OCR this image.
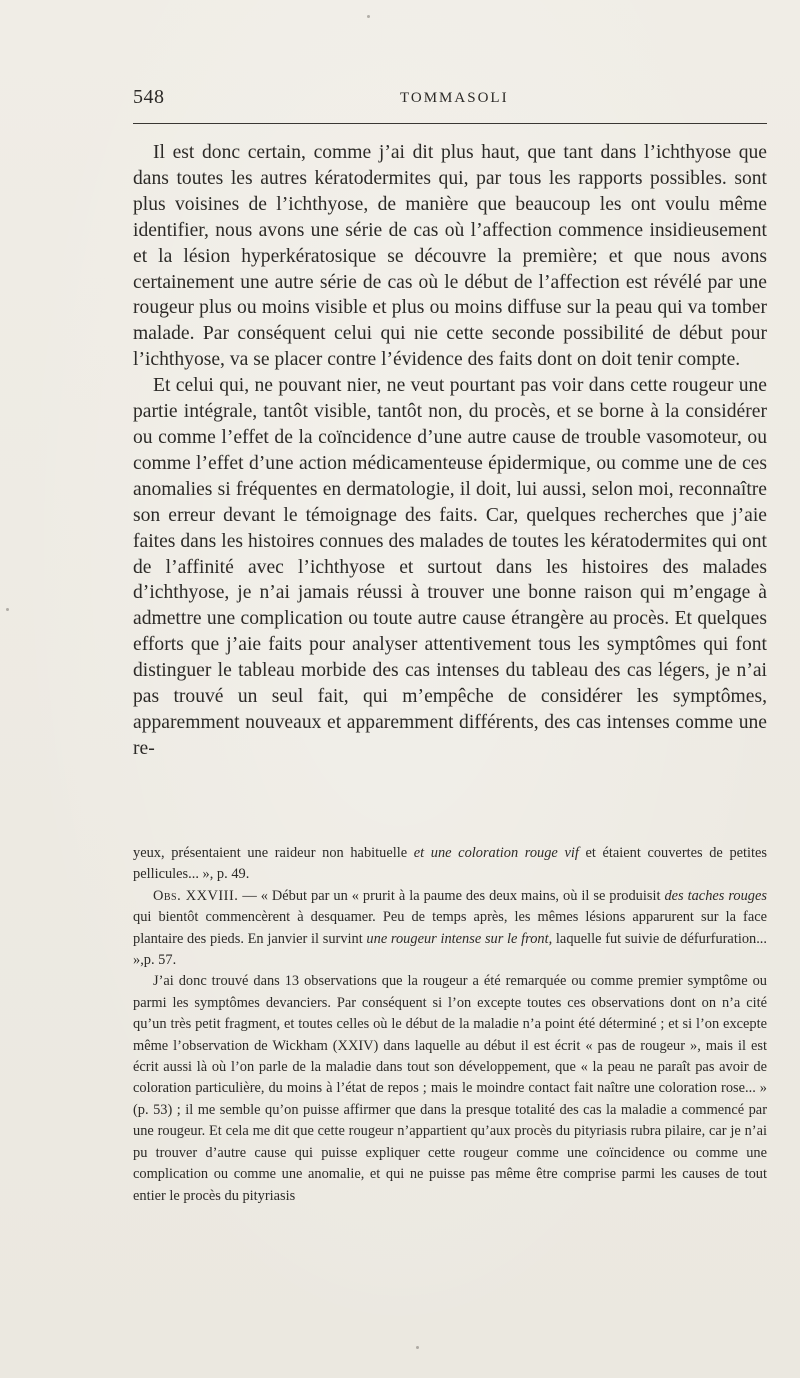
548	TOMMASOLI

Il est donc certain, comme j’ai dit plus haut, que tant dans l’ichthyose que dans toutes les autres kératodermites qui, par tous les rapports possibles. sont plus voisines de l’ichthyose, de manière que beaucoup les ont voulu même identifier, nous avons une série de cas où l’affection commence insidieusement et la lésion hyperkératosique se découvre la première; et que nous avons certainement une autre série de cas où le début de l’affection est révélé par une rougeur plus ou moins visible et plus ou moins diffuse sur la peau qui va tomber malade. Par conséquent celui qui nie cette seconde possibilité de début pour l’ichthyose, va se placer contre l’évidence des faits dont on doit tenir compte.

Et celui qui, ne pouvant nier, ne veut pourtant pas voir dans cette rougeur une partie intégrale, tantôt visible, tantôt non, du procès, et se borne à la considérer ou comme l’effet de la coïncidence d’une autre cause de trouble vasomoteur, ou comme l’effet d’une action médicamenteuse épidermique, ou comme une de ces anomalies si fréquentes en dermatologie, il doit, lui aussi, selon moi, reconnaître son erreur devant le témoignage des faits. Car, quelques recherches que j’aie faites dans les histoires connues des malades de toutes les kératodermites qui ont de l’affinité avec l’ichthyose et surtout dans les histoires des malades d’ichthyose, je n’ai jamais réussi à trouver une bonne raison qui m’engage à admettre une complication ou toute autre cause étrangère au procès. Et quelques efforts que j’aie faits pour analyser attentivement tous les symptômes qui font distinguer le tableau morbide des cas intenses du tableau des cas légers, je n’ai pas trouvé un seul fait, qui m’empêche de considérer les symptômes, apparemment nouveaux et apparemment différents, des cas intenses comme une re-

yeux, présentaient une raideur non habituelle et une coloration rouge vif et étaient couvertes de petites pellicules... », p. 49.

Obs. XXVIII. — « Début par un « prurit à la paume des deux mains, où il se produisit des taches rouges qui bientôt commencèrent à desquamer. Peu de temps après, les mêmes lésions apparurent sur la face plantaire des pieds. En janvier il survint une rougeur intense sur le front, laquelle fut suivie de défurfuration... »,p. 57.

J’ai donc trouvé dans 13 observations que la rougeur a été remarquée ou comme premier symptôme ou parmi les symptômes devanciers. Par conséquent si l’on excepte toutes ces observations dont on n’a cité qu’un très petit fragment, et toutes celles où le début de la maladie n’a point été déterminé ; et si l’on excepte même l’observation de Wickham (XXIV) dans laquelle au début il est écrit « pas de rougeur », mais il est écrit aussi là où l’on parle de la maladie dans tout son développement, que « la peau ne paraît pas avoir de coloration particulière, du moins à l’état de repos ; mais le moindre contact fait naître une coloration rose... » (p. 53) ; il me semble qu’on puisse affirmer que dans la presque totalité des cas la maladie a commencé par une rougeur. Et cela me dit que cette rougeur n’appartient qu’aux procès du pityriasis rubra pilaire, car je n’ai pu trouver d’autre cause qui puisse expliquer cette rougeur comme une coïncidence ou comme une complication ou comme une anomalie, et qui ne puisse pas même être comprise parmi les causes de tout entier le procès du pityriasis
